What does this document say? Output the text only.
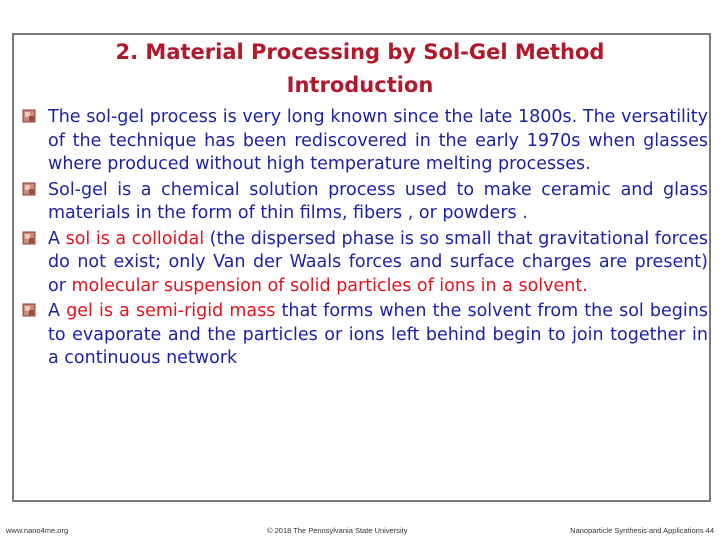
2. Material Processing by Sol-Gel Method
Introduction

The sol-gel process is very long known since the late 1800s. The versatility of the technique has been rediscovered in the early 1970s when glasses where produced without high temperature melting processes.

Sol-gel is a chemical solution process used to make ceramic and glass materials in the form of thin films, fibers , or powders .

A sol is a colloidal (the dispersed phase is so small that gravitational forces do not exist; only Van der Waals forces and surface charges are present) or molecular suspension of solid particles of ions in a solvent.

A gel is a semi-rigid mass that forms when the solvent from the sol begins to evaporate and the particles or ions left behind begin to join together in a continuous network

www.nano4me.org	© 2018 The Pennsylvania State University	Nanoparticle Synthesis and Applications 44
